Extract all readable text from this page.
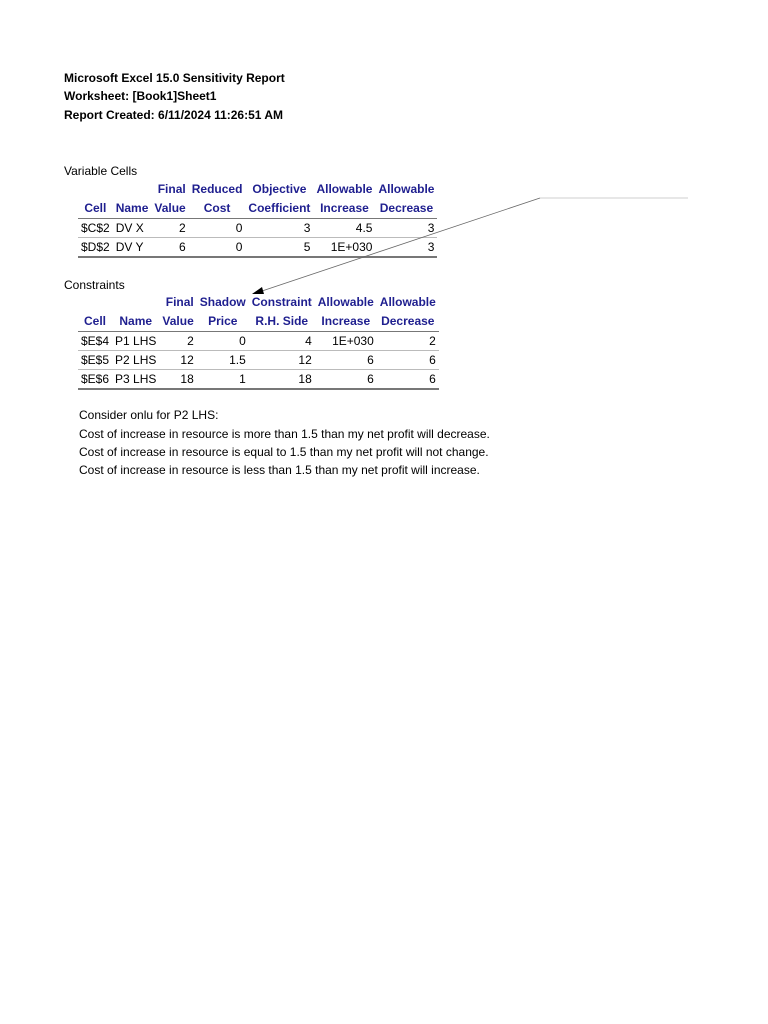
Microsoft Excel 15.0 Sensitivity Report
Worksheet: [Book1]Sheet1
Report Created: 6/11/2024 11:26:51 AM
Variable Cells
		Final	Reduced	Objective	Allowable	Allowable
Cell	Name	Value	Cost	Coefficient	Increase	Decrease
$C$2	DV X	2	0	3	4.5	3
$D$2	DV Y	6	0	5	1E+030	3
Constraints
		Final	Shadow	Constraint	Allowable	Allowable
Cell	Name	Value	Price	R.H. Side	Increase	Decrease
$E$4	P1 LHS	2	0	4	1E+030	2
$E$5	P2 LHS	12	1.5	12	6	6
$E$6	P3 LHS	18	1	18	6	6
Consider onlu for P2 LHS:
Cost of increase in resource is more than 1.5 than my net profit will decrease.
Cost of increase in resource is equal to 1.5 than my net profit will not change.
Cost of increase in resource is less than 1.5 than my net profit will increase.
